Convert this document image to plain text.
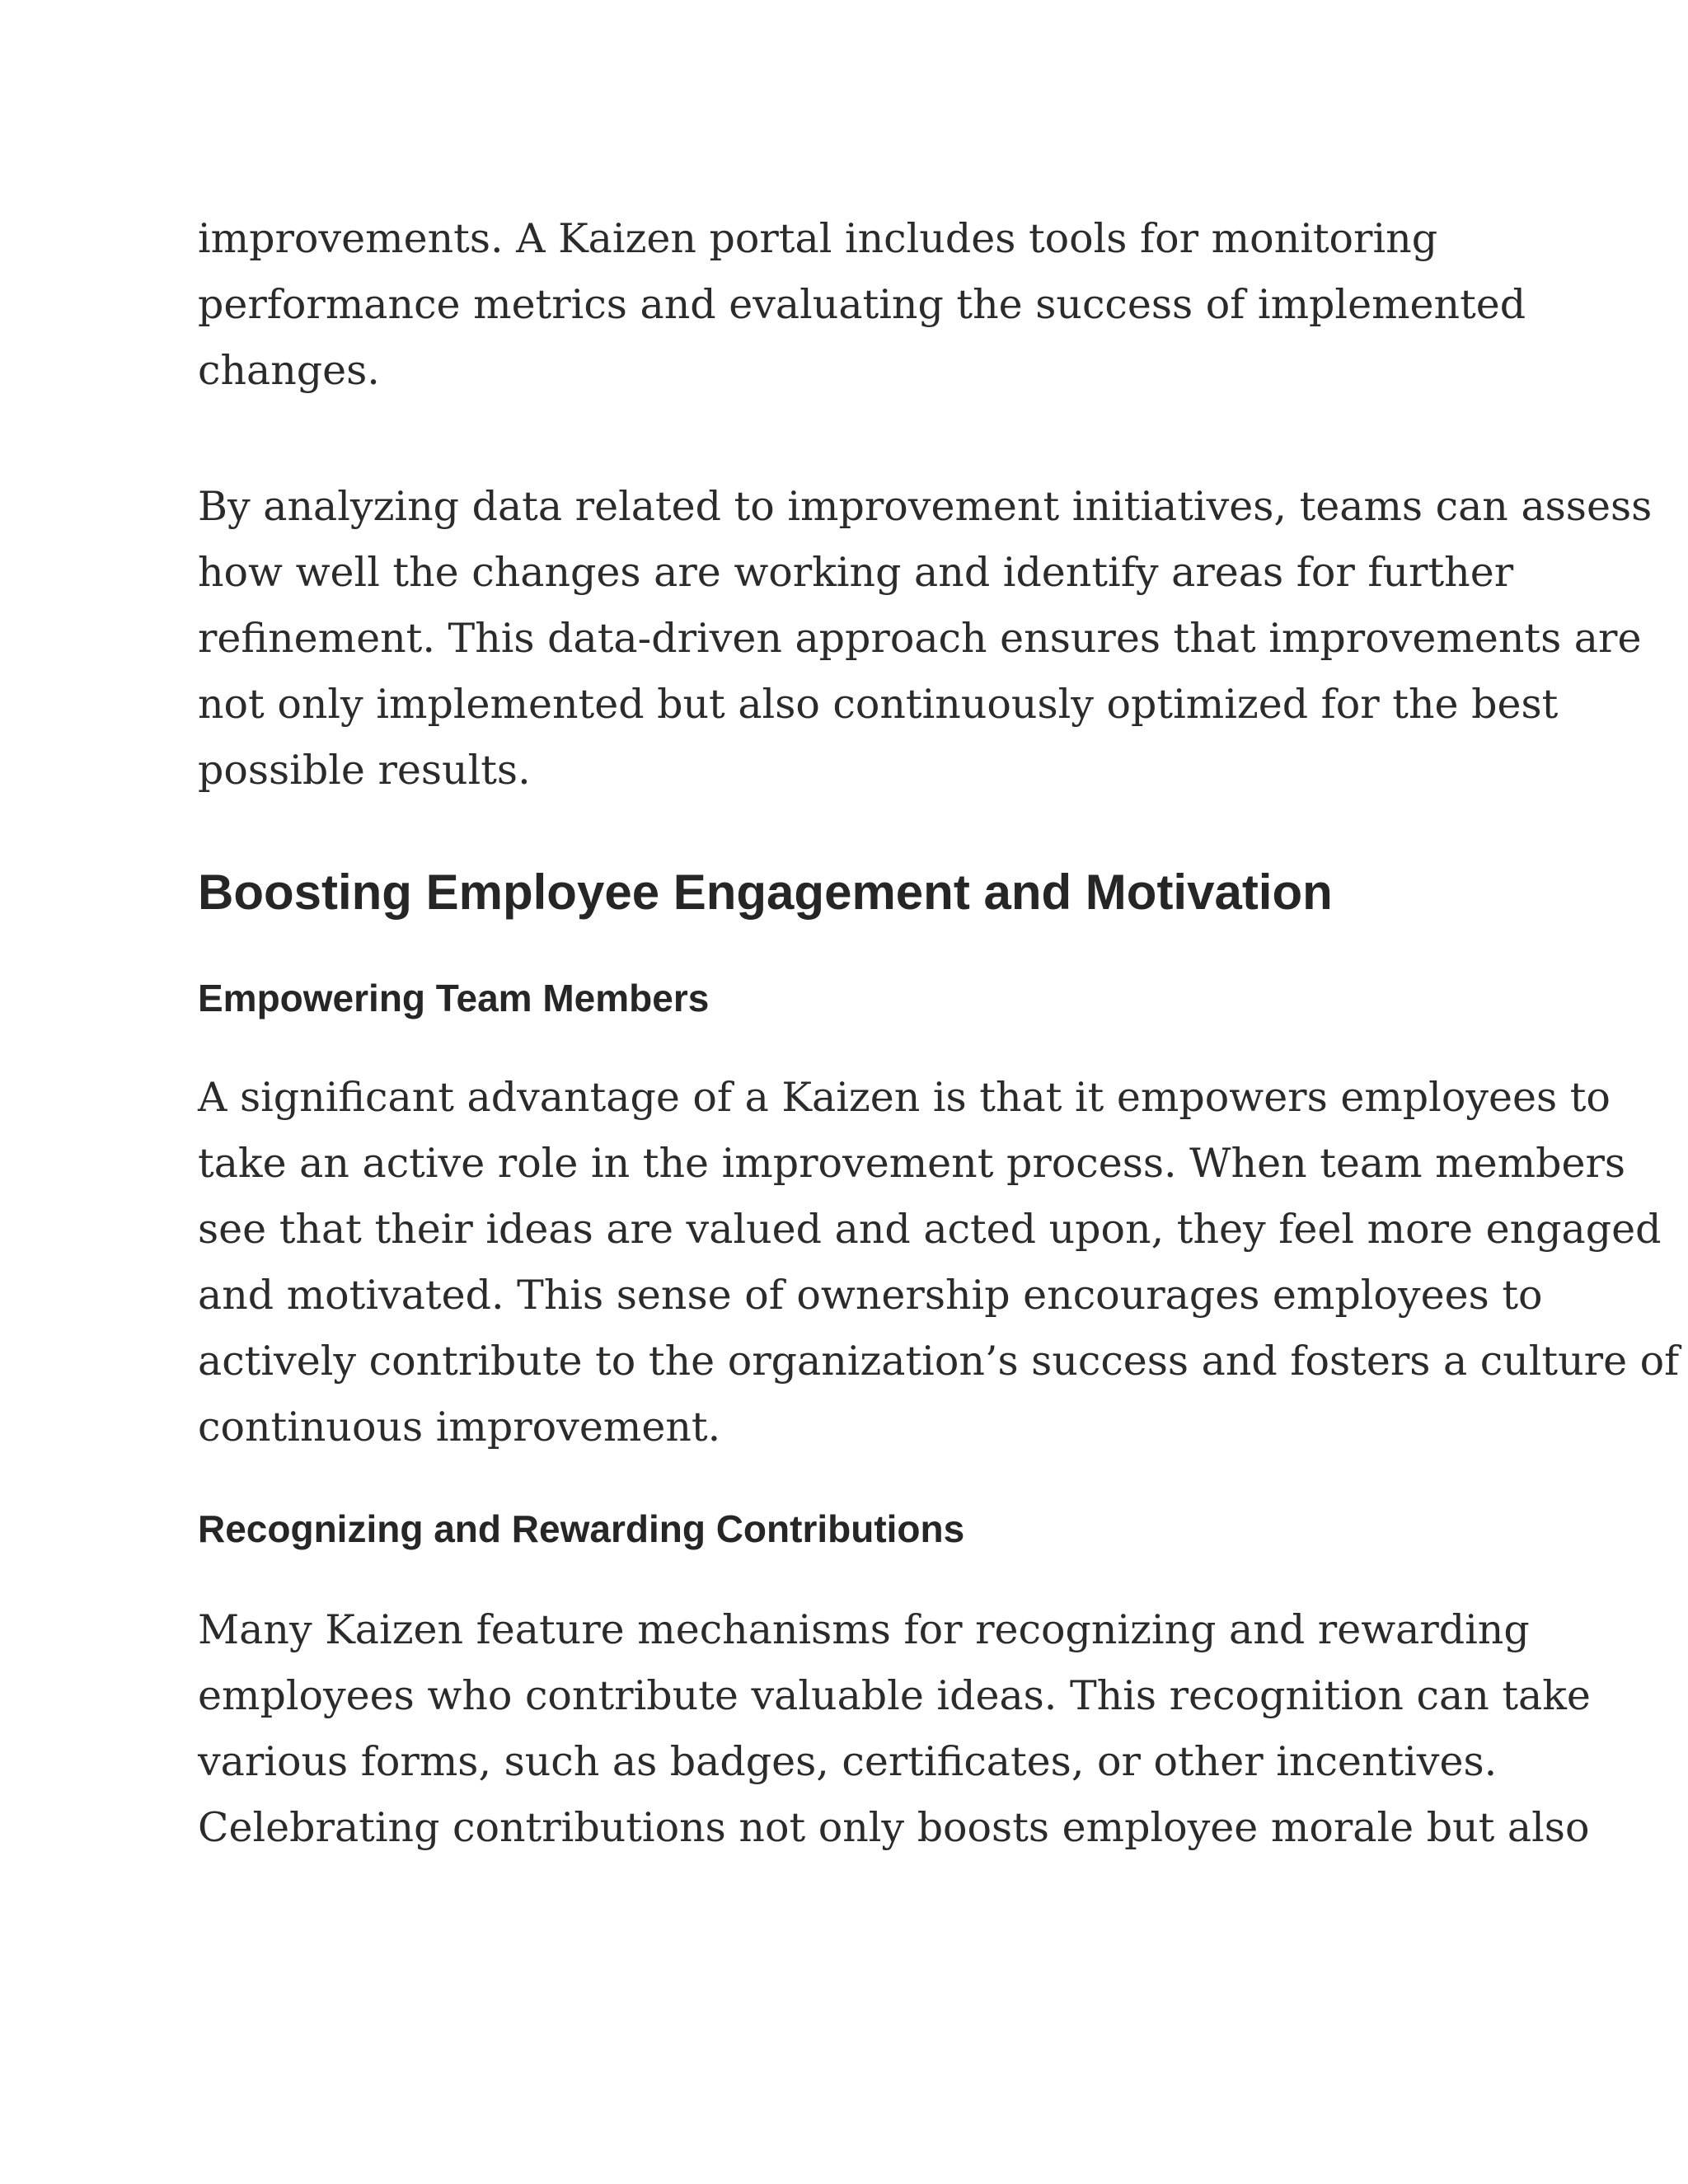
improvements. A Kaizen portal includes tools for monitoring
performance metrics and evaluating the success of implemented
changes.

By analyzing data related to improvement initiatives, teams can assess
how well the changes are working and identify areas for further
refinement. This data-driven approach ensures that improvements are
not only implemented but also continuously optimized for the best
possible results.

Boosting Employee Engagement and Motivation
Empowering Team Members

A significant advantage of a Kaizen is that it empowers employees to
take an active role in the improvement process. When team members
see that their ideas are valued and acted upon, they feel more engaged
and motivated. This sense of ownership encourages employees to
actively contribute to the organization’s success and fosters a culture of
continuous improvement.

Recognizing and Rewarding Contributions

Many Kaizen feature mechanisms for recognizing and rewarding
employees who contribute valuable ideas. This recognition can take
various forms, such as badges, certificates, or other incentives.
Celebrating contributions not only boosts employee morale but also
